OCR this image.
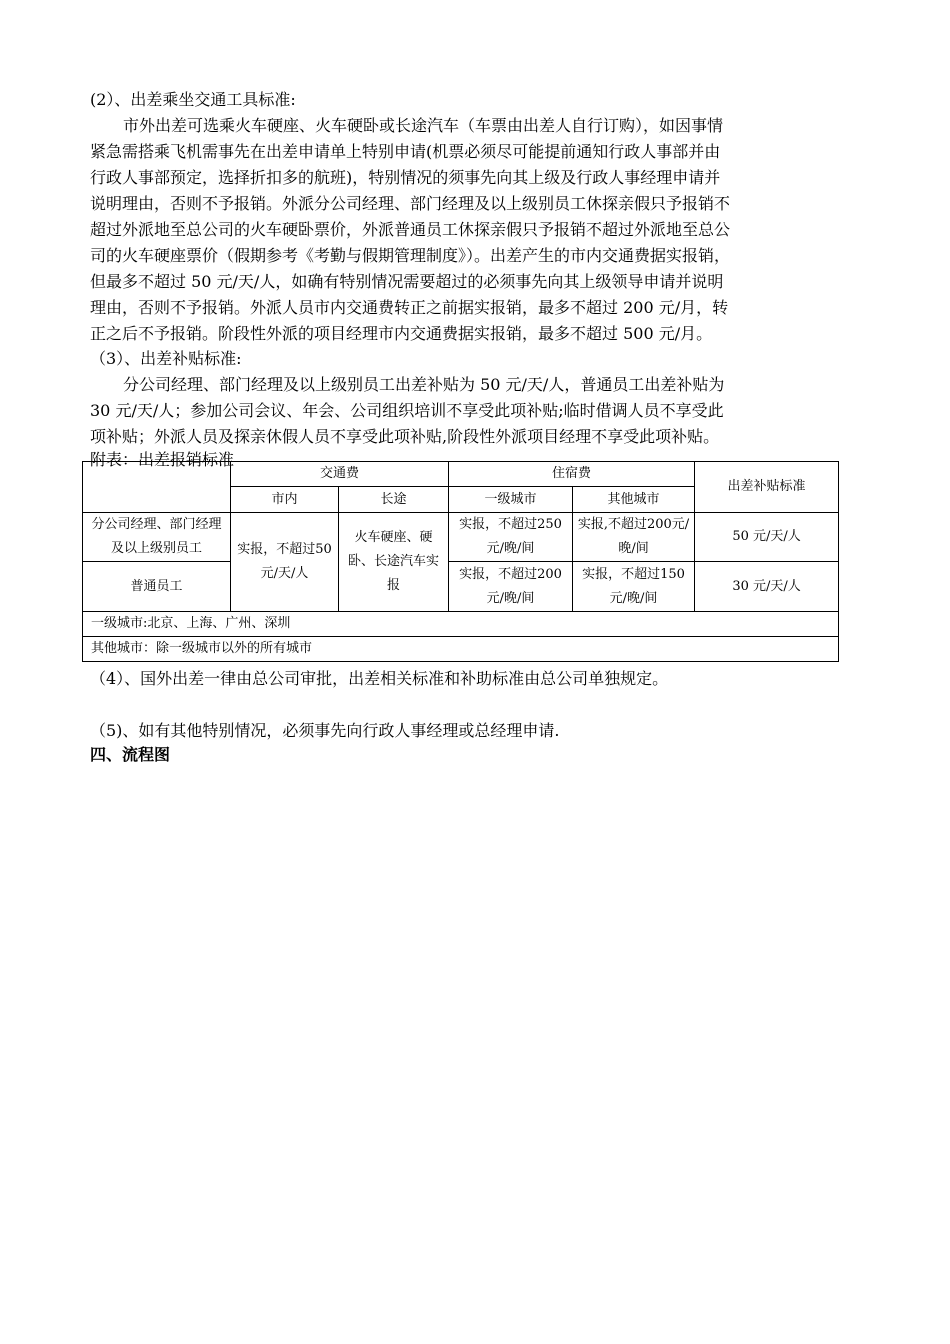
(2）、出差乘坐交通工具标准:
市外出差可选乘火车硬座、火车硬卧或长途汽车（车票由出差人自行订购），如因事情
紧急需搭乘飞机需事先在出差申请单上特别申请(机票必须尽可能提前通知行政人事部并由
行政人事部预定，选择折扣多的航班)，特别情况的须事先向其上级及行政人事经理申请并
说明理由，否则不予报销。外派分公司经理、部门经理及以上级别员工休探亲假只予报销不
超过外派地至总公司的火车硬卧票价，外派普通员工休探亲假只予报销不超过外派地至总公
司的火车硬座票价（假期参考《考勤与假期管理制度》）。出差产生的市内交通费据实报销，
但最多不超过 50 元/天/人，如确有特别情况需要超过的必须事先向其上级领导申请并说明
理由，否则不予报销。外派人员市内交通费转正之前据实报销，最多不超过 200 元/月，转
正之后不予报销。阶段性外派的项目经理市内交通费据实报销，最多不超过 500 元/月。
（3）、出差补贴标准:
分公司经理、部门经理及以上级别员工出差补贴为 50 元/天/人，普通员工出差补贴为
30 元/天/人；参加公司会议、年会、公司组织培训不享受此项补贴;临时借调人员不享受此
项补贴；外派人员及探亲休假人员不享受此项补贴,阶段性外派项目经理不享受此项补贴。
附表：出差报销标准
	交通费		住宿费		出差补贴标准
	市内	长途	一级城市	其他城市	
分公司经理、部门经理及以上级别员工	实报，不超过50元/天/人	火车硬座、硬卧、长途汽车实报	实报，不超过250元/晚/间	实报,不超过200元/晚/间	50 元/天/人
普通员工			实报，不超过200元/晚/间	实报，不超过150元/晚/间	30 元/天/人
一级城市:北京、上海、广州、深圳					
其他城市：除一级城市以外的所有城市					
（4）、国外出差一律由总公司审批，出差相关标准和补助标准由总公司单独规定。
（5)、如有其他特别情况，必须事先向行政人事经理或总经理申请.
四、流程图
